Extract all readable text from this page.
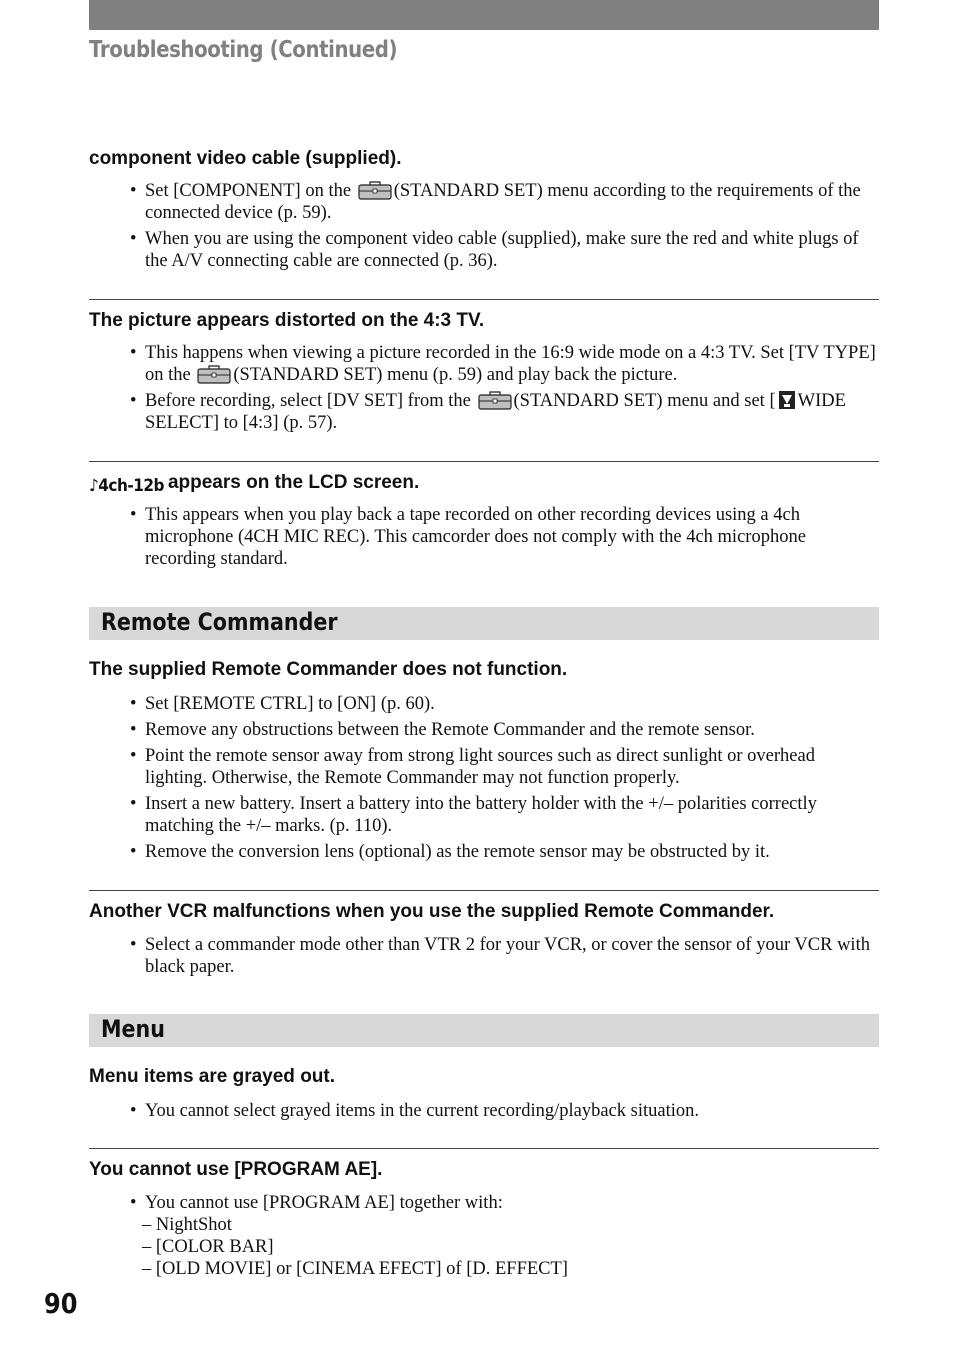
Troubleshooting (Continued)
component video cable (supplied).
• Set [COMPONENT] on the (STANDARD SET) menu according to the requirements of the connected device (p. 59).
• When you are using the component video cable (supplied), make sure the red and white plugs of the A/V connecting cable are connected (p. 36).
The picture appears distorted on the 4:3 TV.
• This happens when viewing a picture recorded in the 16:9 wide mode on a 4:3 TV. Set [TV TYPE] on the (STANDARD SET) menu (p. 59) and play back the picture.
• Before recording, select [DV SET] from the (STANDARD SET) menu and set [ WIDE SELECT] to [4:3] (p. 57).
♪4ch-12b appears on the LCD screen.
• This appears when you play back a tape recorded on other recording devices using a 4ch microphone (4CH MIC REC). This camcorder does not comply with the 4ch microphone recording standard.
Remote Commander
The supplied Remote Commander does not function.
• Set [REMOTE CTRL] to [ON] (p. 60).
• Remove any obstructions between the Remote Commander and the remote sensor.
• Point the remote sensor away from strong light sources such as direct sunlight or overhead lighting. Otherwise, the Remote Commander may not function properly.
• Insert a new battery. Insert a battery into the battery holder with the +/– polarities correctly matching the +/– marks. (p. 110).
• Remove the conversion lens (optional) as the remote sensor may be obstructed by it.
Another VCR malfunctions when you use the supplied Remote Commander.
• Select a commander mode other than VTR 2 for your VCR, or cover the sensor of your VCR with black paper.
Menu
Menu items are grayed out.
• You cannot select grayed items in the current recording/playback situation.
You cannot use [PROGRAM AE].
• You cannot use [PROGRAM AE] together with:
– NightShot
– [COLOR BAR]
– [OLD MOVIE] or [CINEMA EFECT] of [D. EFFECT]
90
